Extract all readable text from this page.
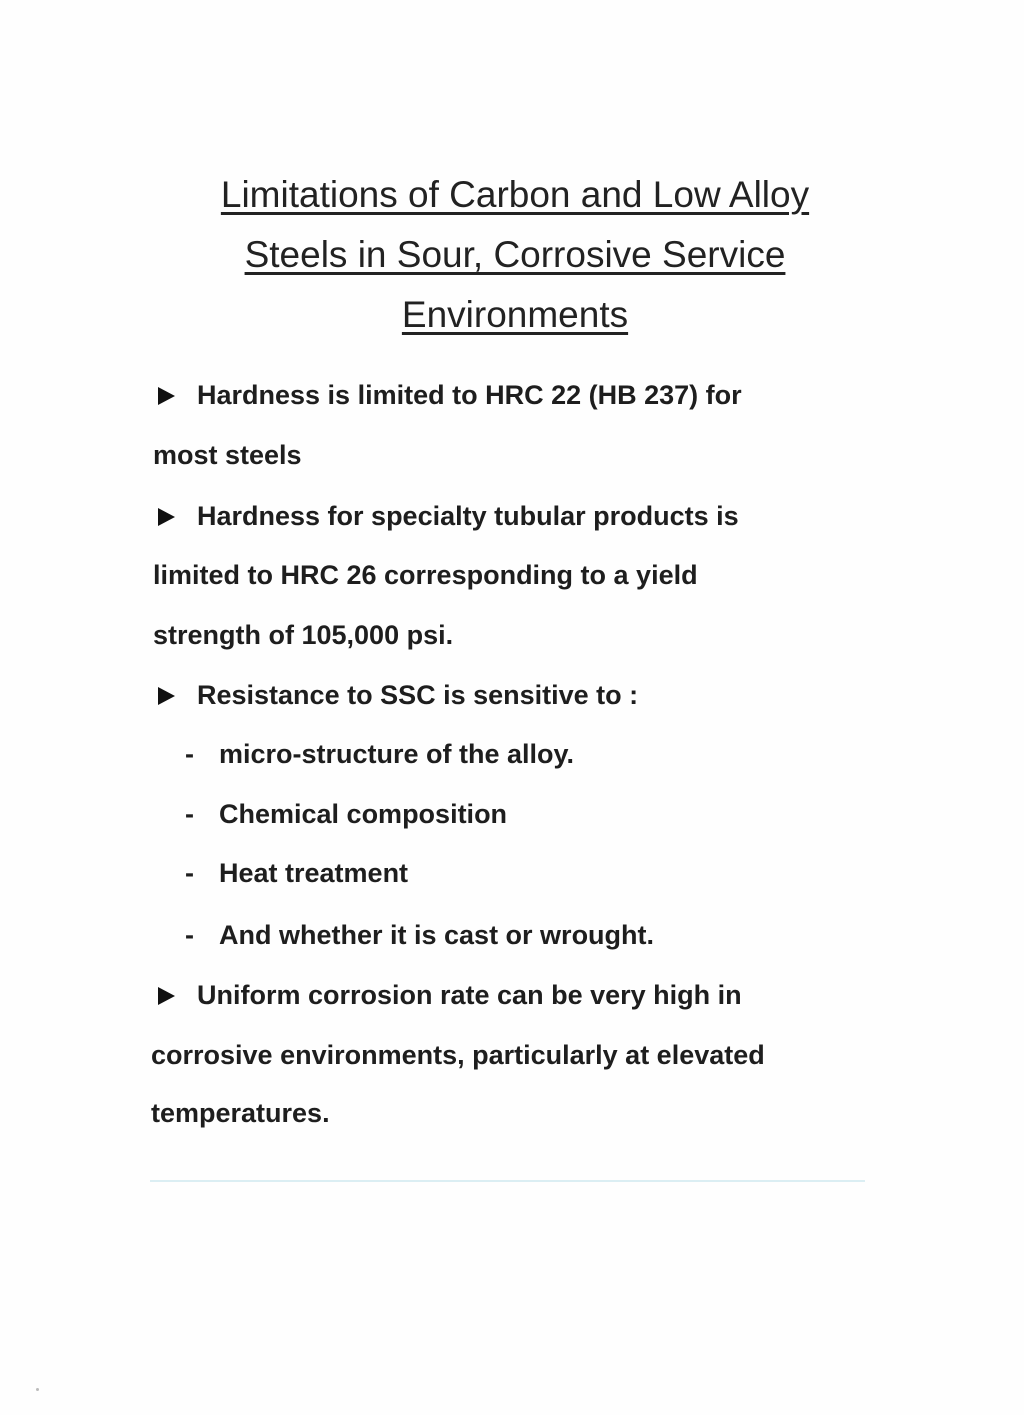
Limitations of Carbon and Low Alloy
Steels in Sour, Corrosive Service
Environments
Hardness is limited to HRC 22 (HB 237) for
most steels
Hardness for specialty tubular products is
limited to HRC 26 corresponding to a yield
strength of 105,000 psi.
Resistance to SSC is sensitive to :
- micro-structure of the alloy.
- Chemical composition
- Heat treatment
- And whether it is cast or wrought.
Uniform corrosion rate can be very high in
corrosive environments, particularly at elevated
temperatures.
